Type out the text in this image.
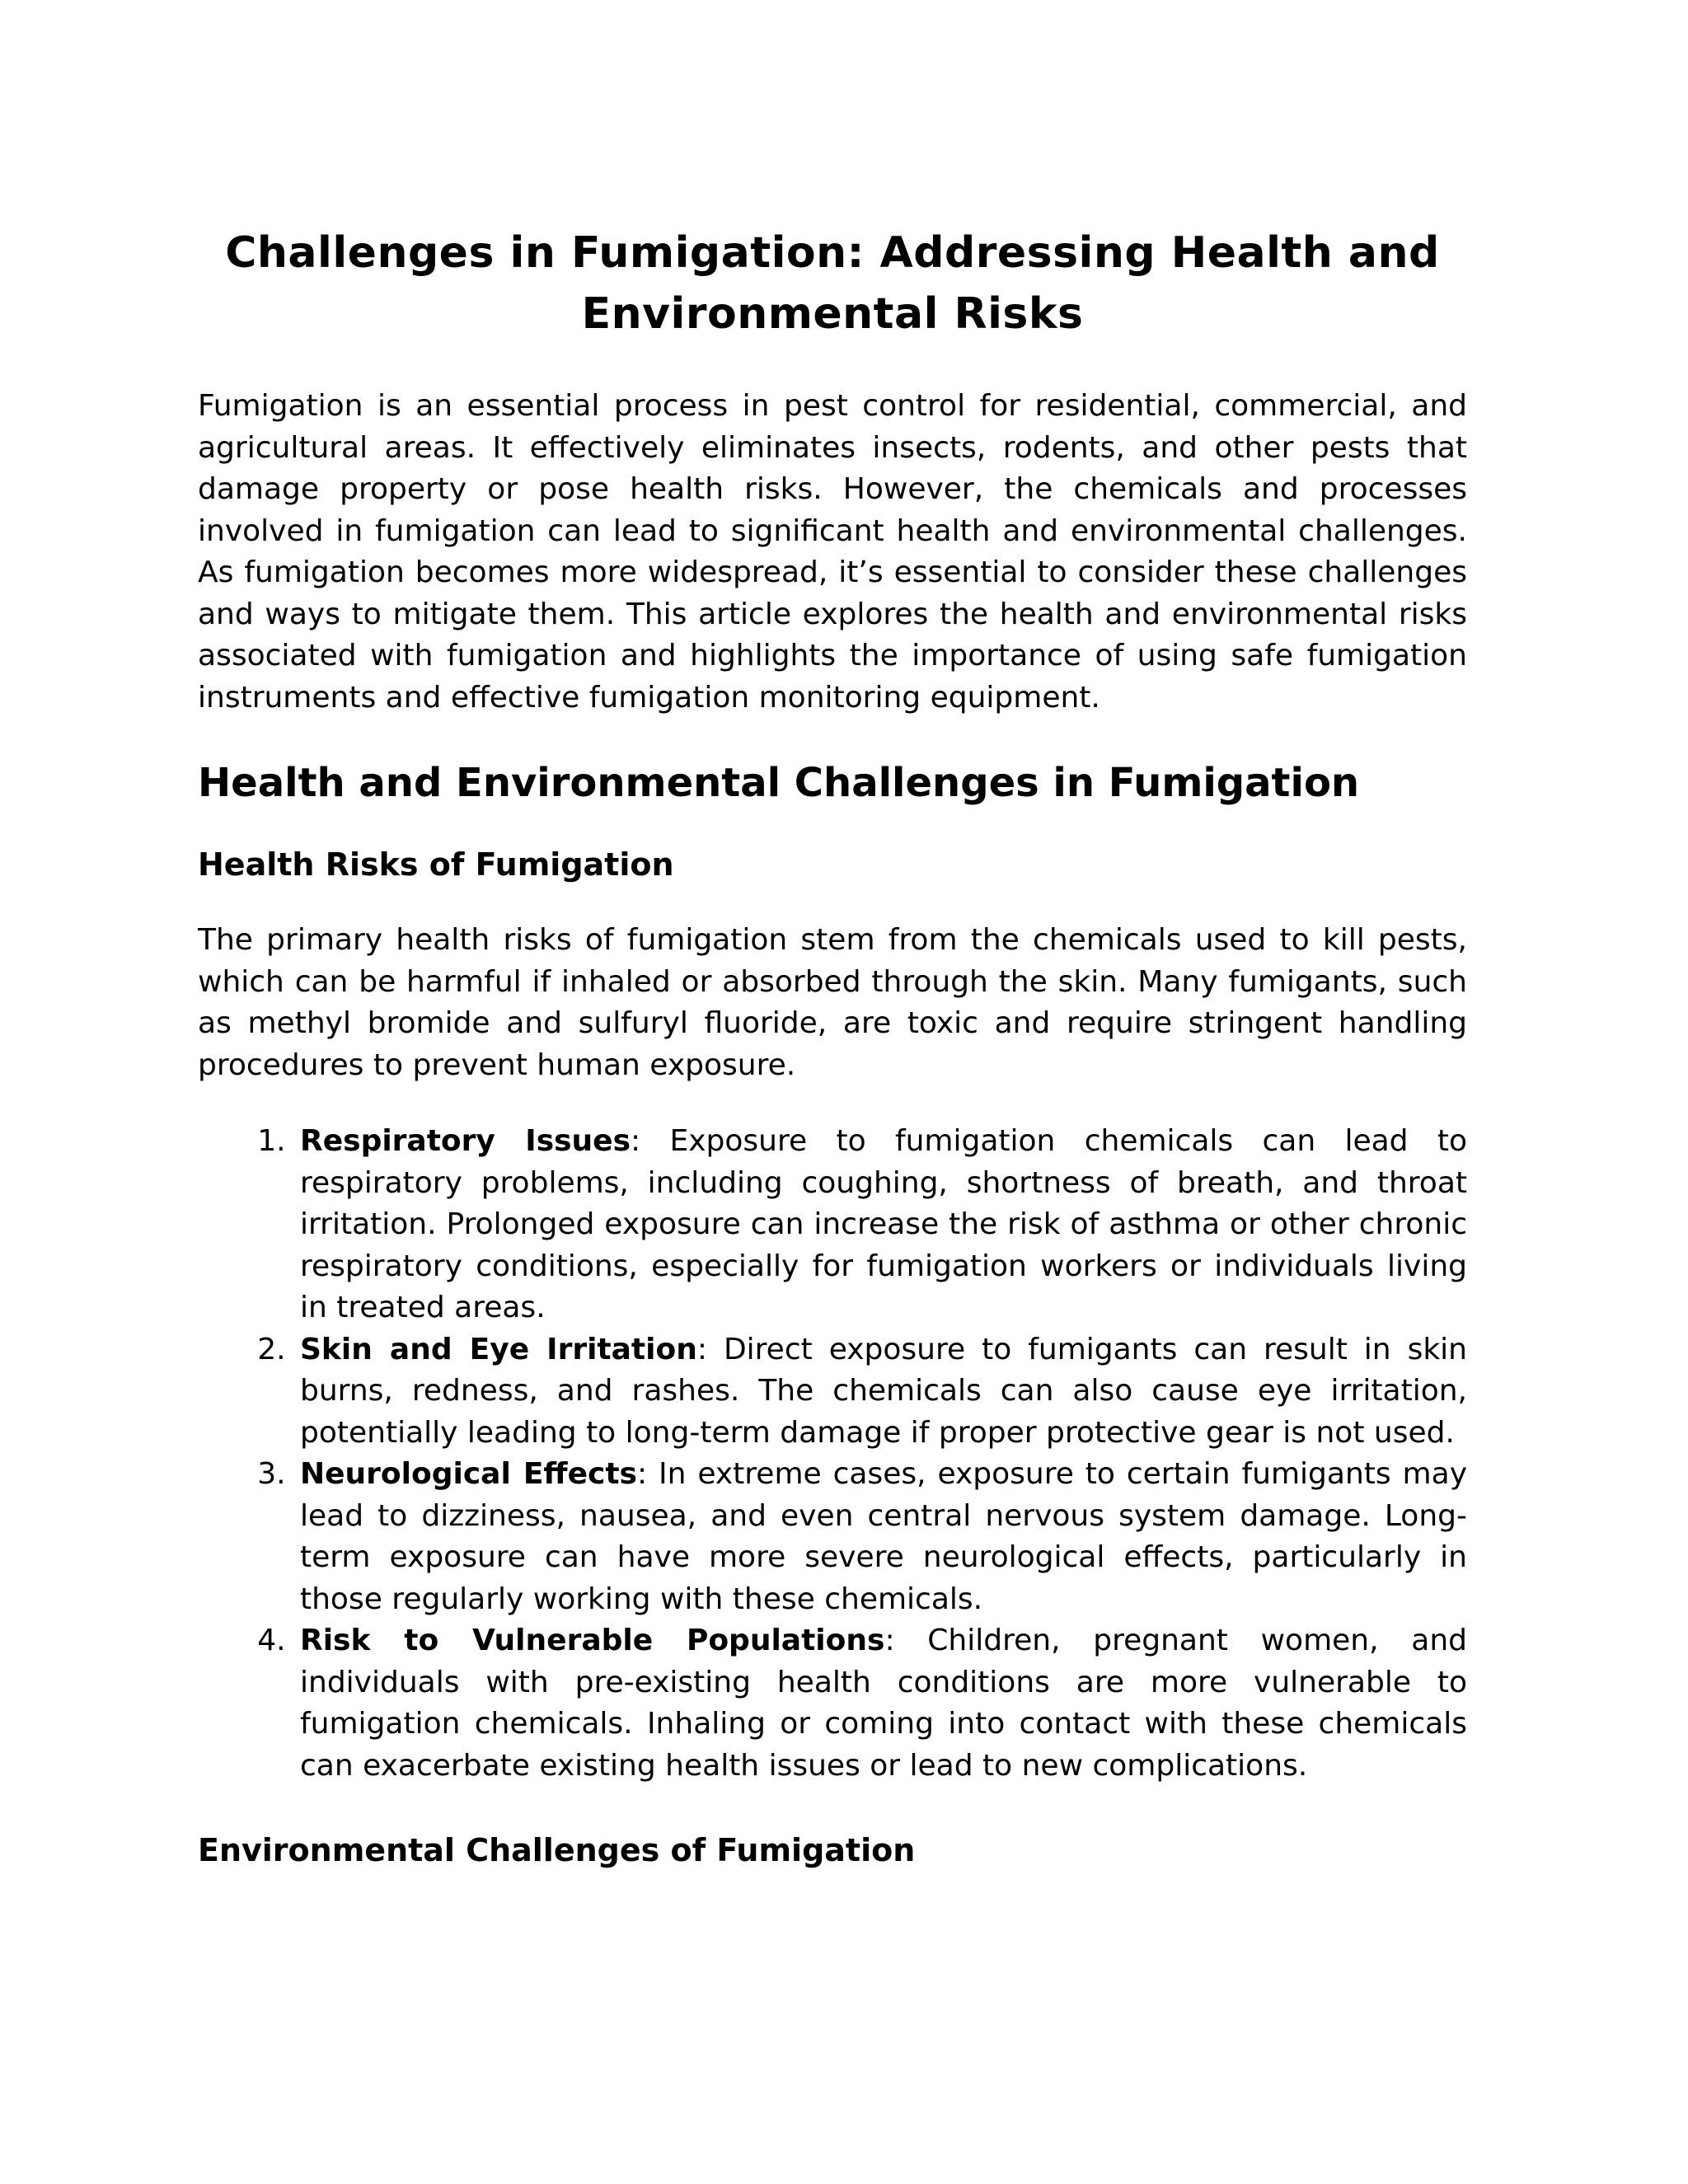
Challenges in Fumigation: Addressing Health and Environmental Risks

Fumigation is an essential process in pest control for residential, commercial, and agricultural areas. It effectively eliminates insects, rodents, and other pests that damage property or pose health risks. However, the chemicals and processes involved in fumigation can lead to significant health and environmental challenges. As fumigation becomes more widespread, it’s essential to consider these challenges and ways to mitigate them. This article explores the health and environmental risks associated with fumigation and highlights the importance of using safe fumigation instruments and effective fumigation monitoring equipment.

Health and Environmental Challenges in Fumigation
Health Risks of Fumigation

The primary health risks of fumigation stem from the chemicals used to kill pests, which can be harmful if inhaled or absorbed through the skin. Many fumigants, such as methyl bromide and sulfuryl fluoride, are toxic and require stringent handling procedures to prevent human exposure.

1. Respiratory Issues: Exposure to fumigation chemicals can lead to respiratory problems, including coughing, shortness of breath, and throat irritation. Prolonged exposure can increase the risk of asthma or other chronic respiratory conditions, especially for fumigation workers or individuals living in treated areas.
2. Skin and Eye Irritation: Direct exposure to fumigants can result in skin burns, redness, and rashes. The chemicals can also cause eye irritation, potentially leading to long-term damage if proper protective gear is not used.
3. Neurological Effects: In extreme cases, exposure to certain fumigants may lead to dizziness, nausea, and even central nervous system damage. Long-term exposure can have more severe neurological effects, particularly in those regularly working with these chemicals.
4. Risk to Vulnerable Populations: Children, pregnant women, and individuals with pre-existing health conditions are more vulnerable to fumigation chemicals. Inhaling or coming into contact with these chemicals can exacerbate existing health issues or lead to new complications.
Environmental Challenges of Fumigation
